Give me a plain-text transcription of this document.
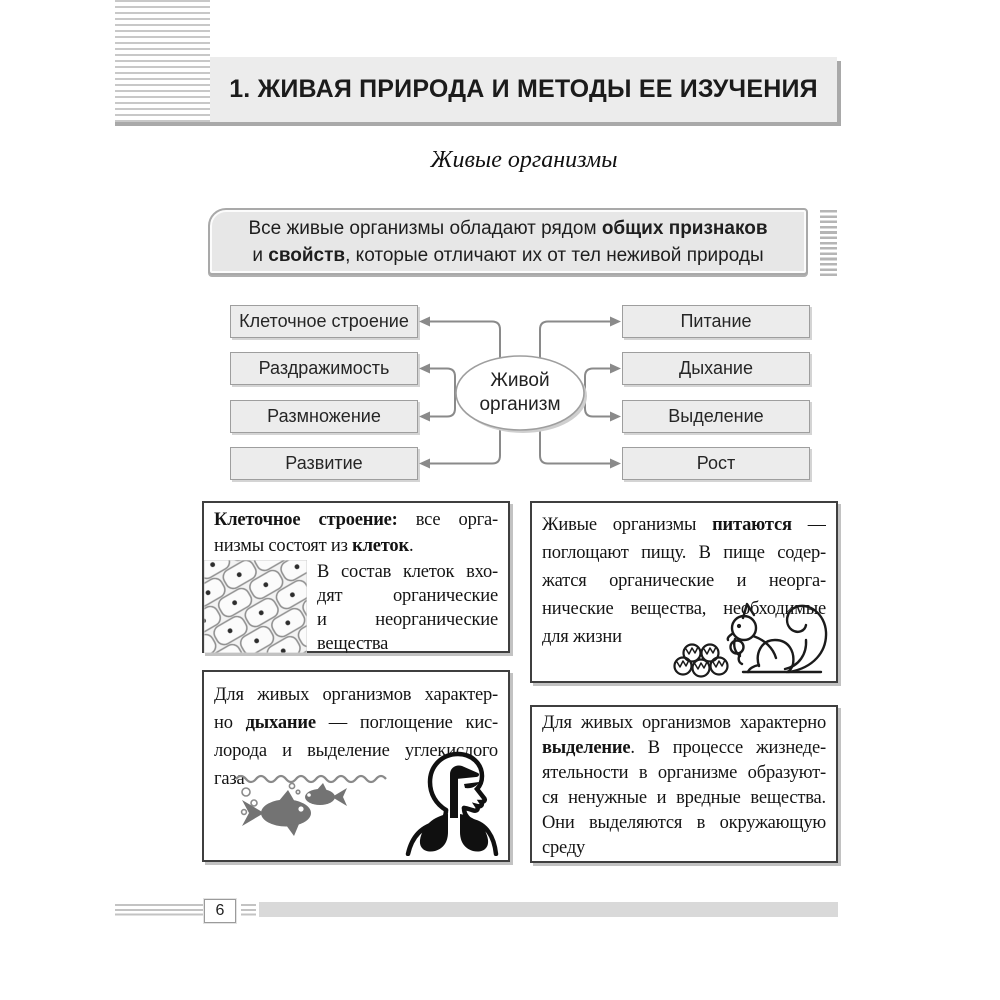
1. ЖИВАЯ ПРИРОДА И МЕТОДЫ ЕЕ ИЗУЧЕНИЯ
Живые организмы
Все живые организмы обладают рядом общих признаков
и свойств, которые отличают их от тел неживой природы
Клеточное строение
Раздражимость
Размножение
Развитие
Питание
Дыхание
Выделение
Рост
Живой
организм
Клеточное строение: все орга-
низмы состоят из клеток.
В состав клеток вхо-
дят органические
и неорганические
вещества
Живые организмы питаются —
поглощают пищу. В пище содер-
жатся органические и неорга-
нические вещества, необходимые
для жизни
Для живых организмов характер-
но дыхание — поглощение кис-
лорода и выделение углекислого
газа
Для живых организмов характерно
выделение. В процессе жизнеде-
ятельности в организме образуют-
ся ненужные и вредные вещества.
Они выделяются в окружающую
среду
6
